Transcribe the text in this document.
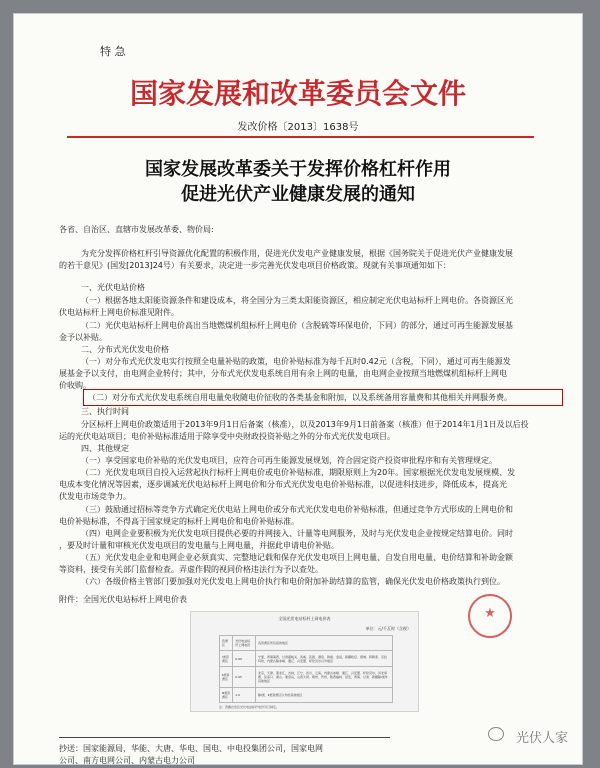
特 急
国家发展和改革委员会文件
发改价格〔2013〕1638号
国家发展改革委关于发挥价格杠杆作用
促进光伏产业健康发展的通知
各省、自治区、直辖市发展改革委、物价局:
为充分发挥价格杠杆引导资源优化配置的积极作用，促进光伏发电产业健康发展，根据《国务院关于促进光伏产业健康发展
的若干意见》(国发[2013]24号）有关要求，决定进一步完善光伏发电项目价格政策。现就有关事项通知如下：
一、光伏电站价格
（一）根据各地太阳能资源条件和建设成本，将全国分为三类太阳能资源区，相应制定光伏电站标杆上网电价。各资源区光
伏电站标杆上网电价标准见附件。
（二）光伏电站标杆上网电价高出当地燃煤机组标杆上网电价（含脱硫等环保电价，下同）的部分，通过可再生能源发展基
金予以补贴。
二、分布式光伏发电价格
（一）对分布式光伏发电实行按照全电量补贴的政策，电价补贴标准为每千瓦时0.42元（含税，下同），通过可再生能源发
展基金予以支付，由电网企业转付；其中，分布式光伏发电系统自用有余上网的电量，由电网企业按照当地燃煤机组标杆上网电
价收购。
（二）对分布式光伏发电系统自用电量免收随电价征收的各类基金和附加，以及系统备用容量费和其他相关并网服务费。
三、执行时间
分区标杆上网电价政策适用于2013年9月1日后备案（核准），以及2013年9月1日前备案（核准）但于2014年1月1日及以后投
运的光伏电站项目；电价补贴标准适用于除享受中央财政投资补贴之外的分布式光伏发电项目。
四、其他规定
（一）享受国家电价补贴的光伏发电项目，应符合可再生能源发展规划，符合固定资产投资审批程序和有关管理规定。
（二）光伏发电项目自投入运营起执行标杆上网电价或电价补贴标准，期限原则上为20年。国家根据光伏发电发展规模、发
电成本变化情况等因素，逐步调减光伏电站标杆上网电价和分布式光伏发电电价补贴标准，以促进科技进步，降低成本，提高光
伏发电市场竞争力。
（三）鼓励通过招标等竞争方式确定光伏电站上网电价或分布式光伏发电电价补贴标准，但通过竞争方式形成的上网电价和
电价补贴标准，不得高于国家规定的标杆上网电价和电价补贴标准。
（四）电网企业要积极为光伏发电项目提供必要的并网接入、计量等电网服务，及时与光伏发电企业按规定结算电价。同时
，要及时计量和审核光伏发电项目的发电量与上网电量，并据此申请电价补贴。
（五）光伏发电企业和电网企业必须真实、完整地记载和保存光伏发电项目上网电量、自发自用电量、电价结算和补助金额
等资料，接受有关部门监督检查。弄虚作假的视同价格违法行为予以查处。
（六）各级价格主管部门要加强对光伏发电上网电价执行和电价附加补助结算的监管，确保光伏发电价格政策执行到位。
附件：全国光伏电站标杆上网电价表
全国光伏电站标杆上网电价表
单位：元/千瓦时（含税）
资源区	光伏电站标杆上网电价	各资源区所包括的地区
Ⅰ类资源区	0.90	宁夏，青海海西，甘肃嘉峪关、武威、张掖、酒泉、敦煌、金昌，新疆哈密、塔城、阿勒泰、克拉玛依，内蒙古除赤峰、通辽、兴安盟、呼伦贝尔以外地区
Ⅱ类资源区	0.95	北京，天津，黑龙江，吉林，辽宁，四川，云南，内蒙古赤峰、通辽、兴安盟、呼伦贝尔，河北承德、张家口、唐山、秦皇岛，山西大同、朔州、忻州，陕西榆林、延安，青海、甘肃、新疆除Ⅰ类外其他地区
Ⅲ类资源区	1.0	除Ⅰ类、Ⅱ类资源区以外的其他地区
注：西藏自治区光伏电站标杆电价另行制定。
★
抄送：国家能源局，华能、大唐、华电、国电、中电投集团公司，国家电网
公司、南方电网公司、内蒙古电力公司
光伏人家
